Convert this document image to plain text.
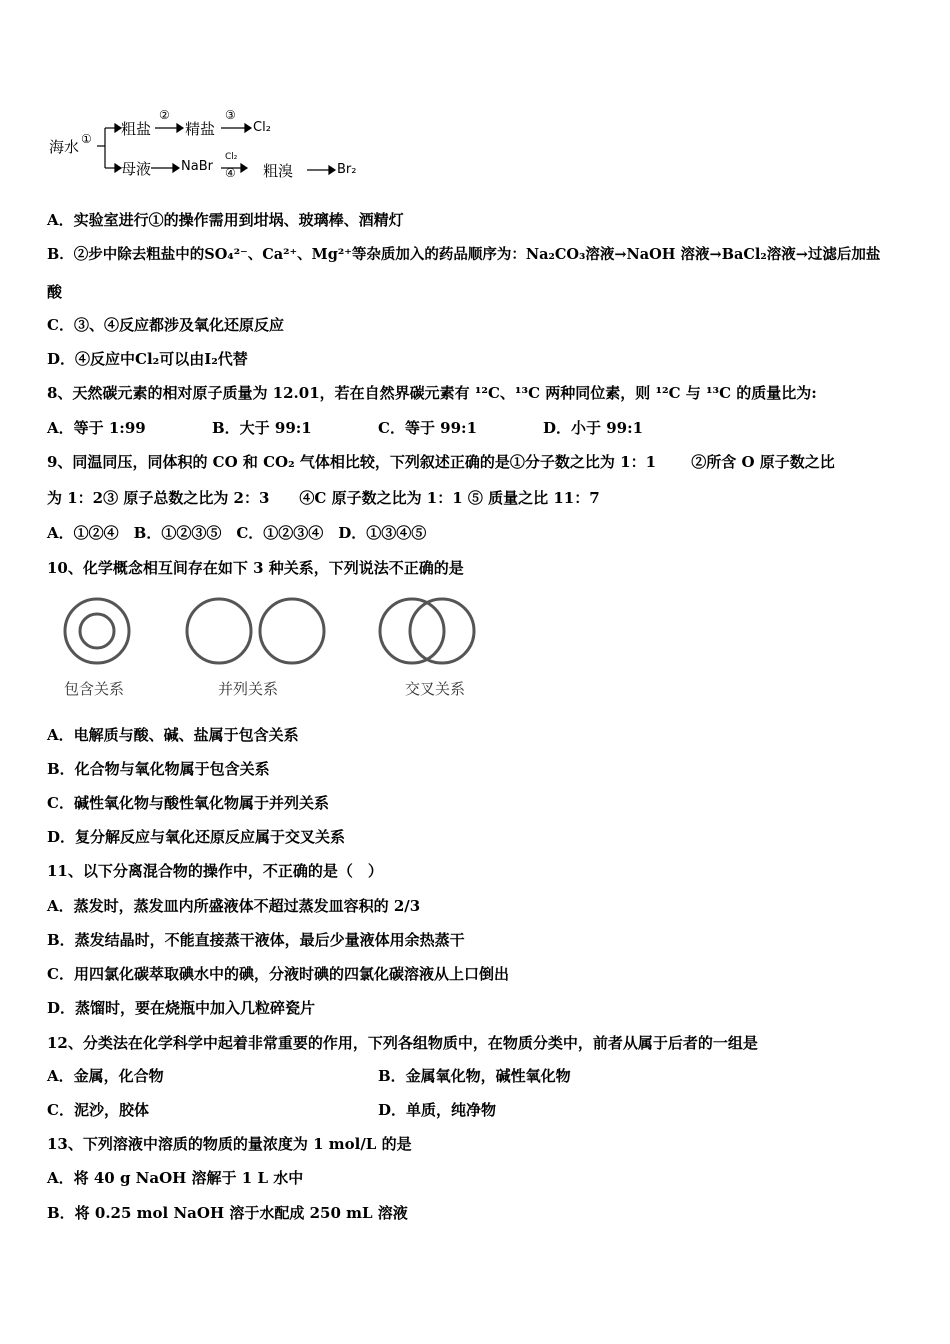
海水 ①
粗盐
②
精盐
③
Cl₂
母液 NaBr
Cl₂
④ 粗溴	Br₂
A．实验室进行①的操作需用到坩埚、玻璃棒、酒精灯
B．②步中除去粗盐中的SO₄²⁻、Ca²⁺、Mg²⁺等杂质加入的药品顺序为：Na₂CO₃溶液→NaOH 溶液→BaCl₂溶液→过滤后加盐
酸
C．③、④反应都涉及氧化还原反应
D．④反应中Cl₂可以由I₂代替
8、天然碳元素的相对原子质量为 12.01，若在自然界碳元素有 ¹²C、¹³C 两种同位素，则 ¹²C 与 ¹³C 的质量比为:
A．等于 1:99	B．大于 99:1	C．等于 99:1	D．小于 99:1
9、同温同压，同体积的 CO 和 CO₂ 气体相比较，下列叙述正确的是①分子数之比为 1：1　　 ②所含 O 原子数之比
为 1：2③ 原子总数之比为 2：3　　④C 原子数之比为 1：1 ⑤ 质量之比 11：7
A．①②④　B．①②③⑤　C．①②③④　D．①③④⑤
10、化学概念相互间存在如下 3 种关系，下列说法不正确的是
包含关系	并列关系	交叉关系
A．电解质与酸、碱、盐属于包含关系
B．化合物与氧化物属于包含关系
C．碱性氧化物与酸性氧化物属于并列关系
D．复分解反应与氧化还原反应属于交叉关系
11、以下分离混合物的操作中，不正确的是（　）
A．蒸发时，蒸发皿内所盛液体不超过蒸发皿容积的 2/3
B．蒸发结晶时，不能直接蒸干液体，最后少量液体用余热蒸干
C．用四氯化碳萃取碘水中的碘，分液时碘的四氯化碳溶液从上口倒出
D．蒸馏时，要在烧瓶中加入几粒碎瓷片
12、分类法在化学科学中起着非常重要的作用，下列各组物质中，在物质分类中，前者从属于后者的一组是
A．金属，化合物	B．金属氧化物，碱性氧化物
C．泥沙，胶体	D．单质，纯净物
13、下列溶液中溶质的物质的量浓度为 1 mol/L 的是
A．将 40 g NaOH 溶解于 1 L 水中
B．将 0.25 mol NaOH 溶于水配成 250 mL 溶液
